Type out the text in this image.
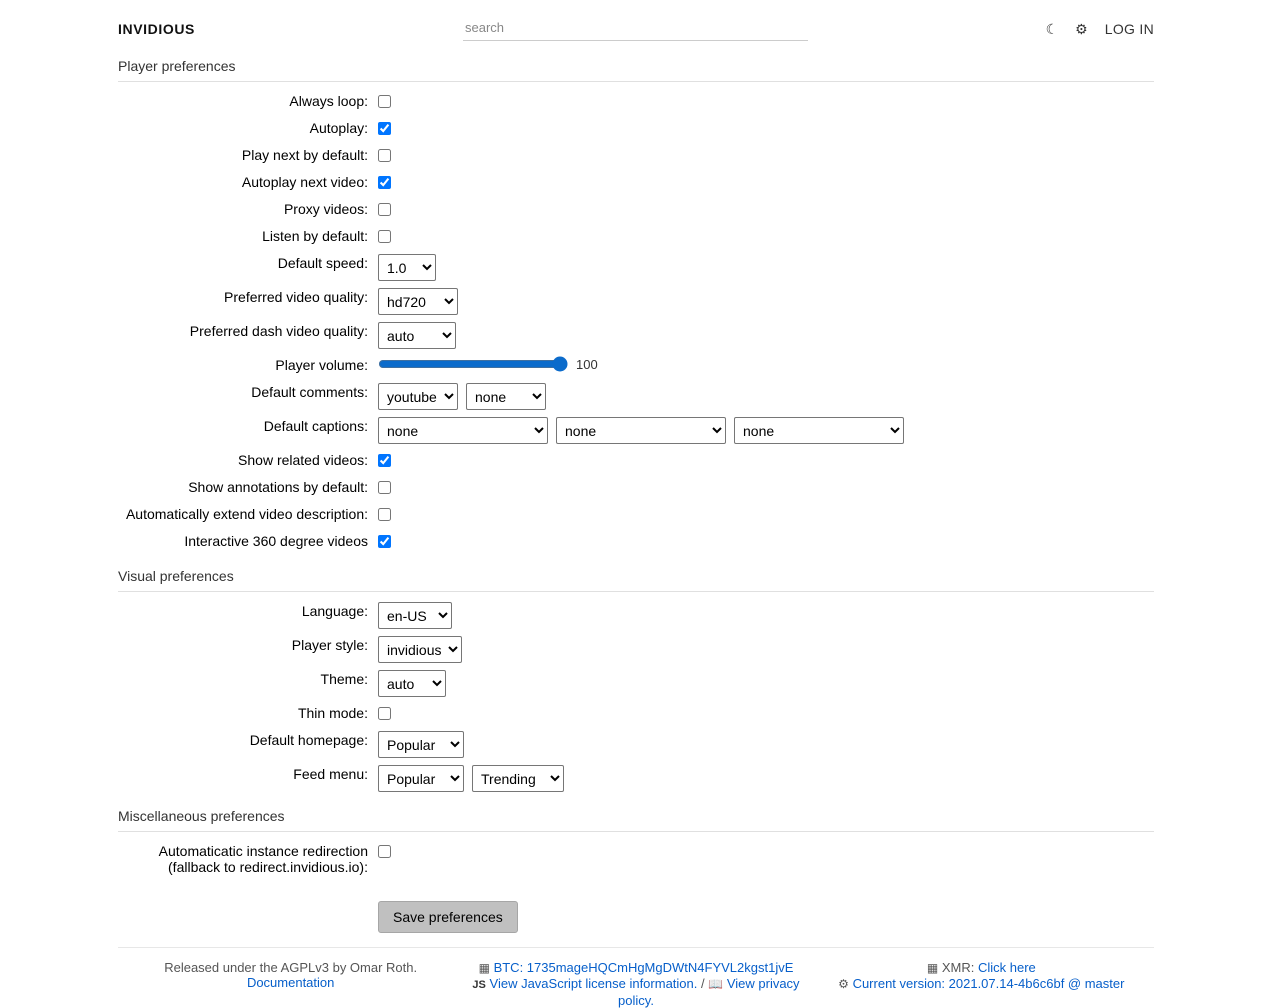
INVIDIOUS
search	☾ ⚙ LOG IN
Player preferences
Always loop:
Autoplay:
Play next by default:
Autoplay next video:
Proxy videos:
Listen by default:
Default speed:
1.0
Preferred video quality:
hd720
Preferred dash video quality:
auto
Player volume:	100
Default comments:
youtube
none
Default captions:
none
none
none
Show related videos:
Show annotations by default:
Automatically extend video description:
Interactive 360 degree videos
Visual preferences
Language:
en-US
Player style:
invidious
Theme:
auto
Thin mode:
Default homepage:
Popular
Feed menu:
Popular
Trending
Miscellaneous preferences
Automaticatic instance redirection (fallback to redirect.invidious.io):
Save preferences
Released under the AGPLv3 by Omar Roth.
Documentation
▦ BTC: 1735mageHQCmHgMgDWtN4FYVL2kgst1jvE
JS View JavaScript license information. / 📖 View privacy policy.
▦ XMR: Click here
⚙ Current version: 2021.07.14-4b6c6bf @ master
